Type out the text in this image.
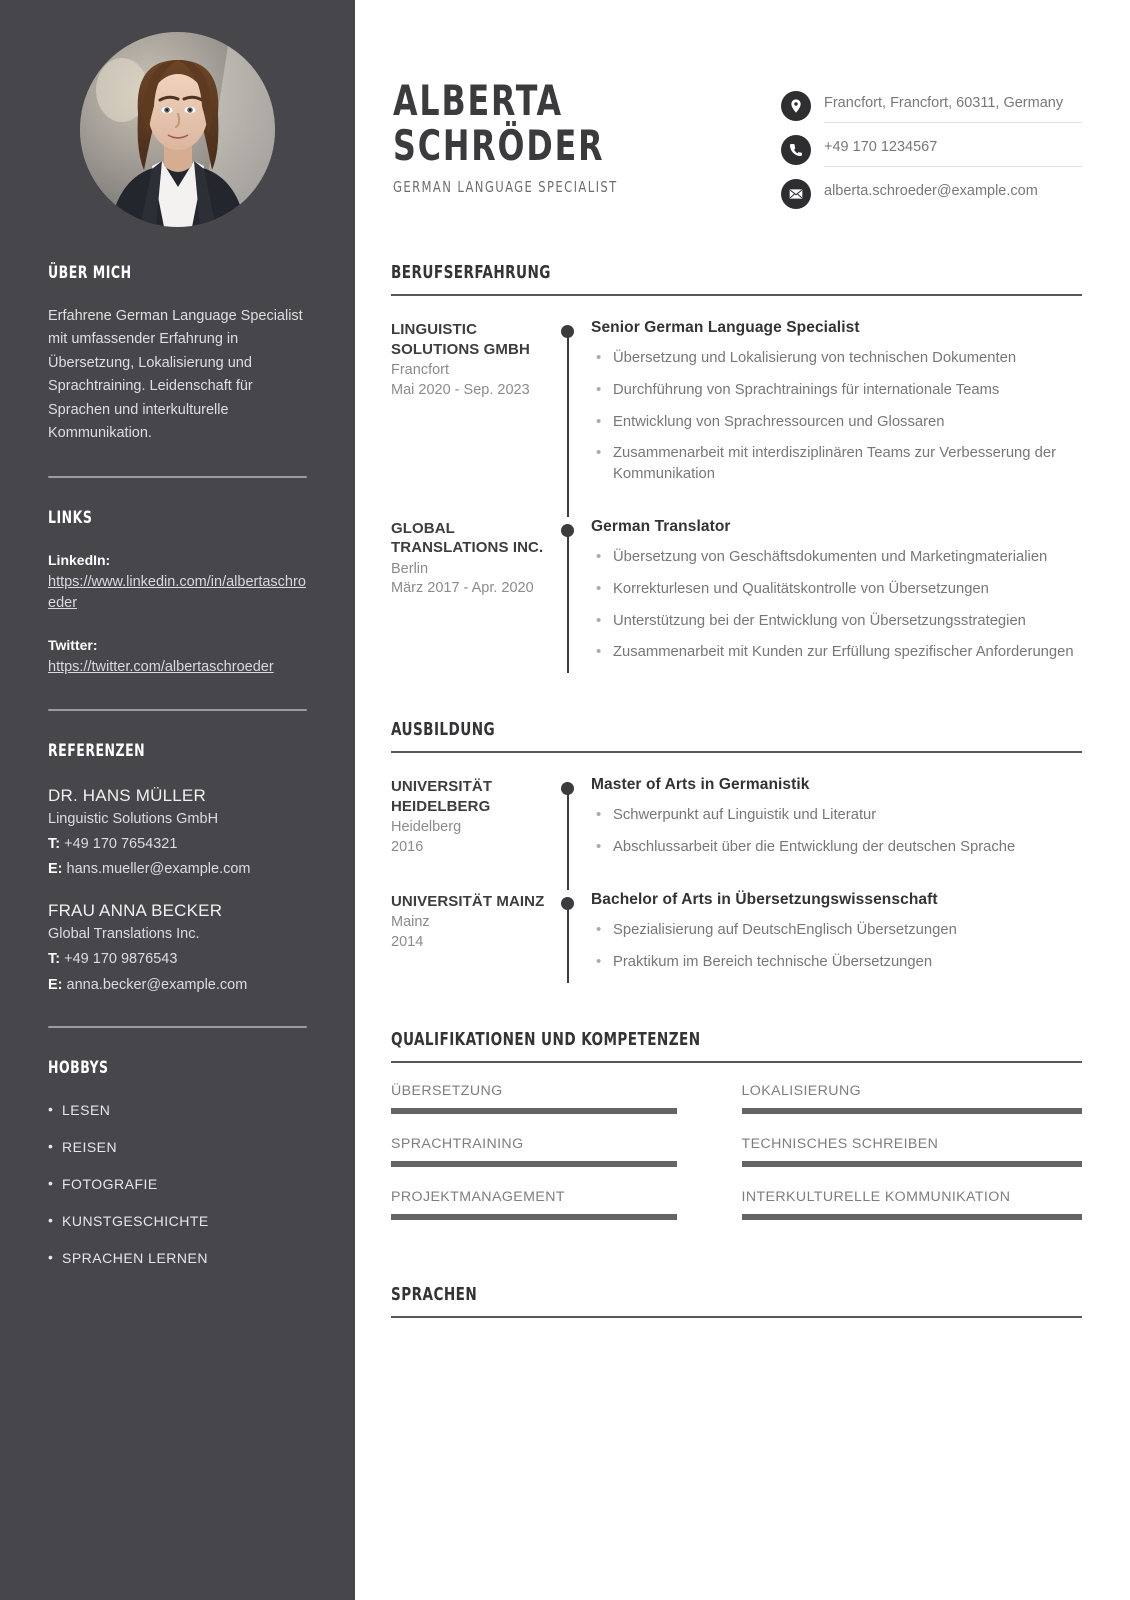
ÜBER MICH

Erfahrene German Language Specialist mit umfassender Erfahrung in Übersetzung, Lokalisierung und Sprachtraining. Leidenschaft für Sprachen und interkulturelle Kommunikation.

LINKS
LinkedIn:
https://www.linkedin.com/in/albertaschroeder
Twitter:
https://twitter.com/albertaschroeder
REFERENZEN
DR. HANS MÜLLER
Linguistic Solutions GmbH
T: +49 170 7654321
E: hans.mueller@example.com
FRAU ANNA BECKER
Global Translations Inc.
T: +49 170 9876543
E: anna.becker@example.com
HOBBYS
• LESEN
• REISEN
• FOTOGRAFIE
• KUNSTGESCHICHTE
• SPRACHEN LERNEN
ALBERTA
SCHRÖDER
GERMAN LANGUAGE SPECIALIST
Francfort, Francfort, 60311, Germany
+49 170 1234567
alberta.schroeder@example.com
BERUFSERFAHRUNG
LINGUISTIC SOLUTIONS GMBH
Francfort
Mai 2020 - Sep. 2023
Senior German Language Specialist
• Übersetzung und Lokalisierung von technischen Dokumenten
• Durchführung von Sprachtrainings für internationale Teams
• Entwicklung von Sprachressourcen und Glossaren
• Zusammenarbeit mit interdisziplinären Teams zur Verbesserung der Kommunikation
GLOBAL TRANSLATIONS INC.
Berlin
März 2017 - Apr. 2020
German Translator
• Übersetzung von Geschäftsdokumenten und Marketingmaterialien
• Korrekturlesen und Qualitätskontrolle von Übersetzungen
• Unterstützung bei der Entwicklung von Übersetzungsstrategien
• Zusammenarbeit mit Kunden zur Erfüllung spezifischer Anforderungen
AUSBILDUNG
UNIVERSITÄT HEIDELBERG
Heidelberg
2016
Master of Arts in Germanistik
• Schwerpunkt auf Linguistik und Literatur
• Abschlussarbeit über die Entwicklung der deutschen Sprache
UNIVERSITÄT MAINZ
Mainz
2014
Bachelor of Arts in Übersetzungswissenschaft
• Spezialisierung auf DeutschEnglisch Übersetzungen
• Praktikum im Bereich technische Übersetzungen
QUALIFIKATIONEN UND KOMPETENZEN
ÜBERSETZUNG	LOKALISIERUNG
SPRACHTRAINING	TECHNISCHES SCHREIBEN
PROJEKTMANAGEMENT	INTERKULTURELLE KOMMUNIKATION
SPRACHEN
